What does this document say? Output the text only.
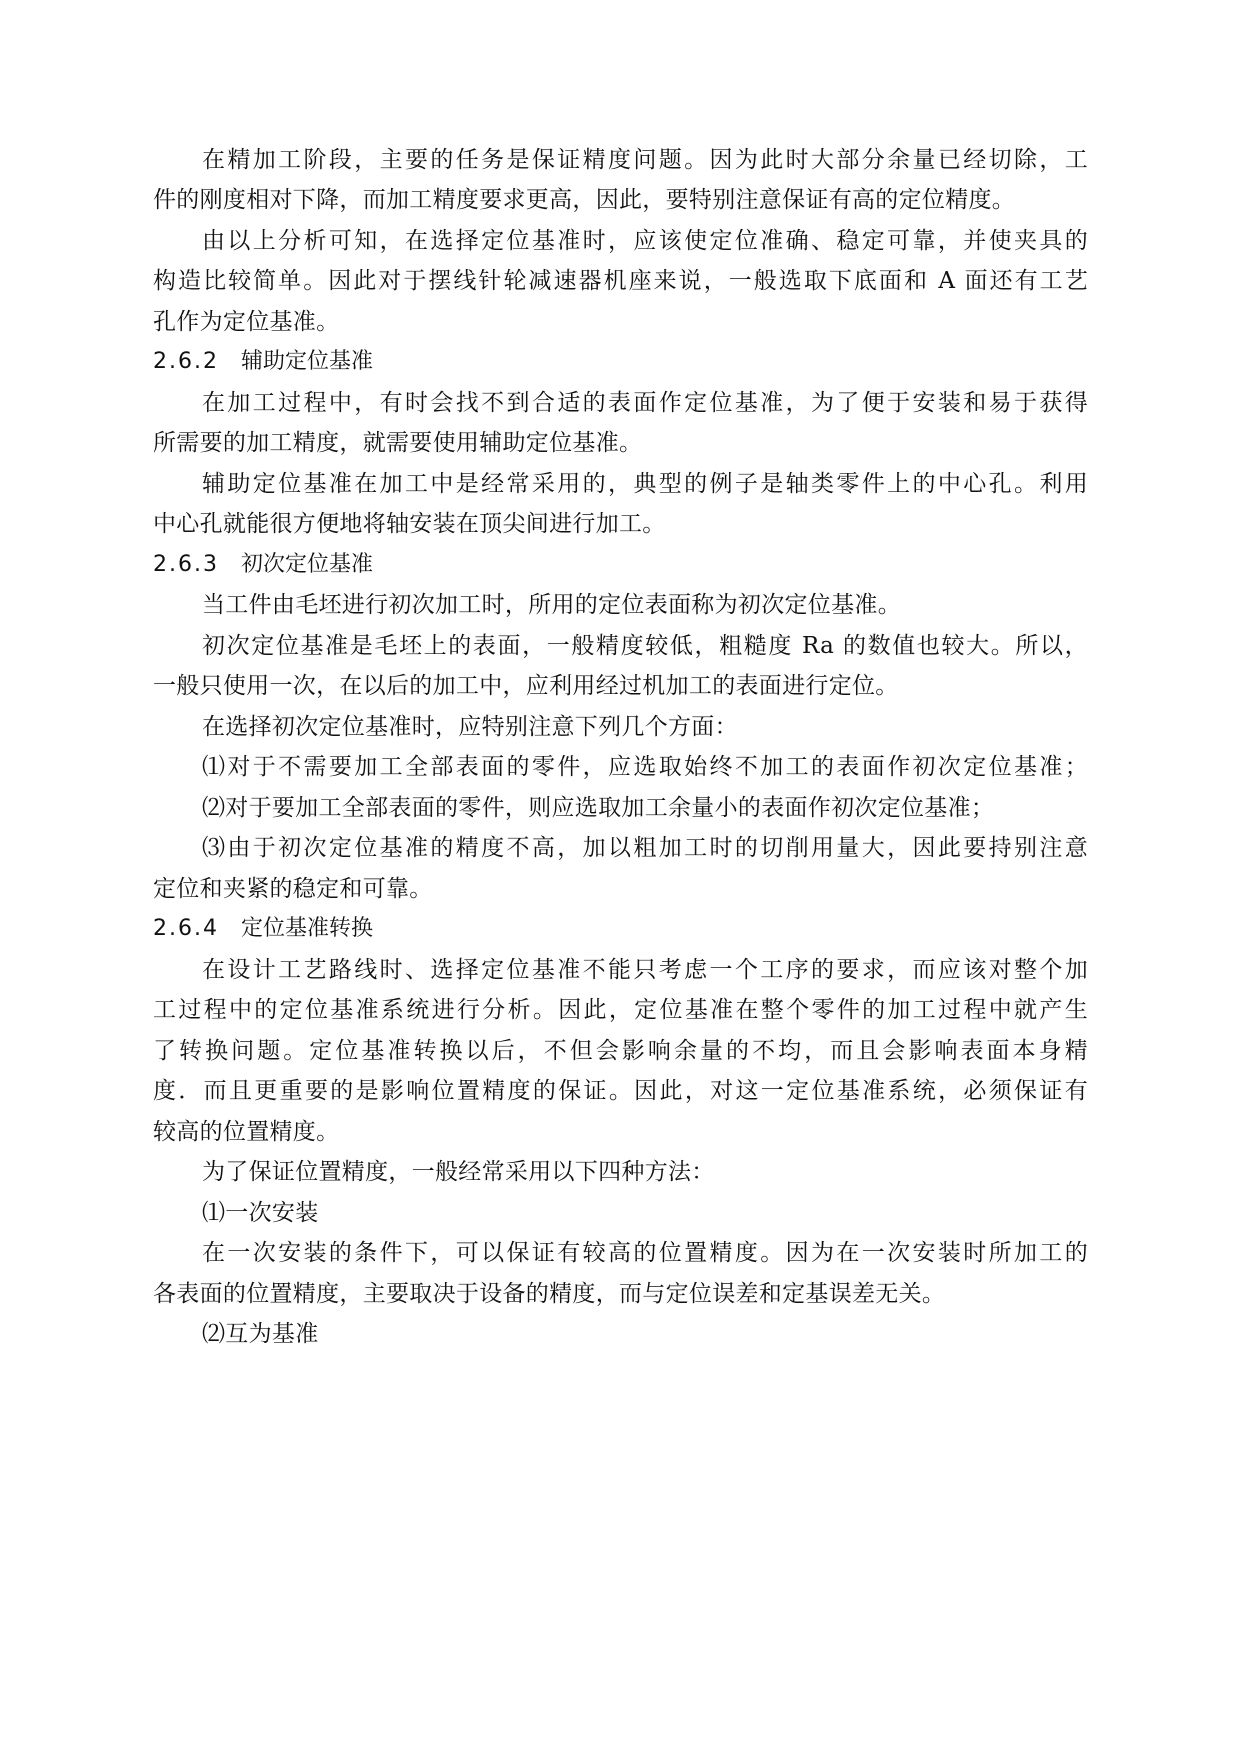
在精加工阶段，主要的任务是保证精度问题。因为此时大部分余量已经切除，工
件的刚度相对下降，而加工精度要求更高，因此，要特别注意保证有高的定位精度。
由以上分析可知，在选择定位基准时，应该使定位准确、稳定可靠，并使夹具的
构造比较简单。因此对于摆线针轮减速器机座来说，一般选取下底面和 A 面还有工艺
孔作为定位基准。
2.6.2 辅助定位基准
在加工过程中，有时会找不到合适的表面作定位基准，为了便于安装和易于获得
所需要的加工精度，就需要使用辅助定位基准。
辅助定位基准在加工中是经常采用的，典型的例子是轴类零件上的中心孔。利用
中心孔就能很方便地将轴安装在顶尖间进行加工。
2.6.3 初次定位基准
当工件由毛坯进行初次加工时，所用的定位表面称为初次定位基准。
初次定位基准是毛坯上的表面，一般精度较低，粗糙度 Ra 的数值也较大。所以，
一般只使用一次，在以后的加工中，应利用经过机加工的表面进行定位。
在选择初次定位基准时，应特别注意下列几个方面：
⑴对于不需要加工全部表面的零件，应选取始终不加工的表面作初次定位基准；
⑵对于要加工全部表面的零件，则应选取加工余量小的表面作初次定位基准；
⑶由于初次定位基准的精度不高，加以粗加工时的切削用量大，因此要持别注意
定位和夹紧的稳定和可靠。
2.6.4 定位基准转换
在设计工艺路线时、选择定位基准不能只考虑一个工序的要求，而应该对整个加
工过程中的定位基准系统进行分析。因此，定位基准在整个零件的加工过程中就产生
了转换问题。定位基准转换以后，不但会影响余量的不均，而且会影响表面本身精
度．而且更重要的是影响位置精度的保证。因此，对这一定位基准系统，必须保证有
较高的位置精度。
为了保证位置精度，一般经常采用以下四种方法：
⑴一次安装
在一次安装的条件下，可以保证有较高的位置精度。因为在一次安装时所加工的
各表面的位置精度，主要取决于设备的精度，而与定位误差和定基误差无关。
⑵互为基准
